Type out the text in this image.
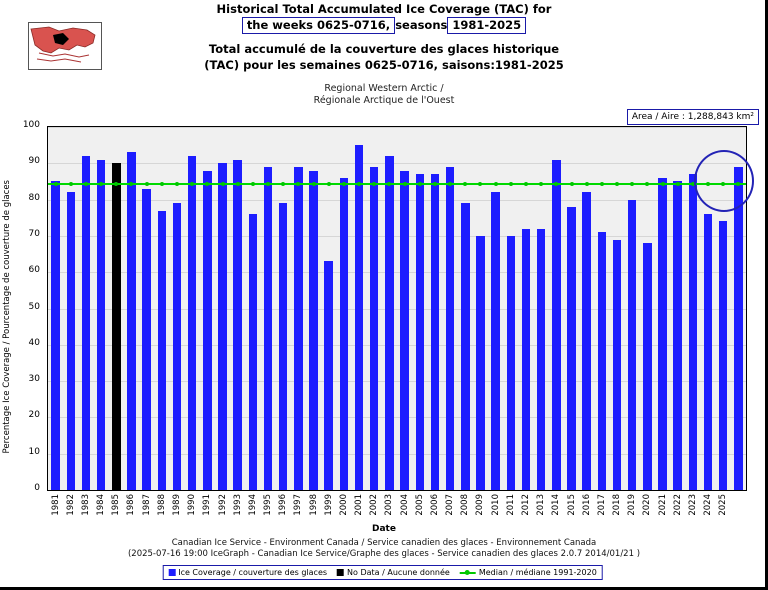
Historical Total Accumulated Ice Coverage (TAC) for
the weeks 0625-0716, seasons 1981-2025
Total accumulé de la couverture des glaces historique
(TAC) pour les semaines 0625-0716, saisons:1981-2025
Regional Western Arctic /
Régionale Arctique de l'Ouest
Area / Aire : 1,288,843 km²
Percentage Ice Coverage / Pourcentage de couverture de glaces
Date
Canadian Ice Service - Environment Canada / Service canadien des glaces - Environnement Canada
(2025-07-16 19:00 IceGraph - Canadian Ice Service/Graphe des glaces - Service canadien des glaces 2.0.7 2014/01/21 )
Ice Coverage / couverture des glaces	No Data / Aucune donnée	Median / médiane 1991-2020
0
10
20
30
40
50
60
70
80
90
100
1981 1982 1983 1984 1985 1986 1987 1988 1989 1990 1991 1992 1993 1994 1995 1996 1997 1998 1999 2000 2001 2002 2003 2004 2005 2006 2007 2008 2009 2010 2011 2012 2013 2014 2015 2016 2017 2018 2019 2020 2021 2022 2023 2024 2025
